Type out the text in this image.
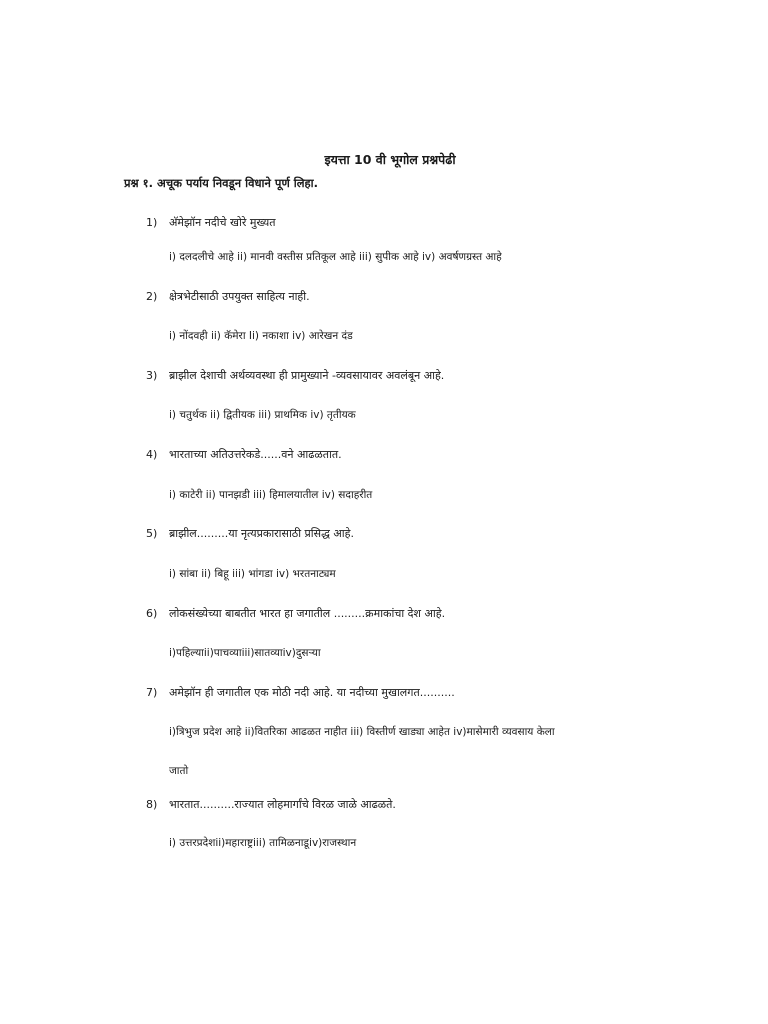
इयत्ता 10 वी भूगोल प्रश्नपेढी
प्रश्न १. अचूक पर्याय निवडून विधाने पूर्ण लिहा.
1) अ‍ॅमेझॉन नदीचे खोरे मुख्यत
i) दलदलीचे आहे ii) मानवी वस्तीस प्रतिकूल आहे iii) सुपीक आहे iv) अवर्षणग्रस्त आहे
2) क्षेत्रभेटीसाठी उपयुक्त साहित्य नाही.
i) नोंदवही ii) कॅमेरा Ii) नकाशा iv) आरेखन दंड
3) ब्राझील देशाची अर्थव्यवस्था ही प्रामुख्याने -व्यवसायावर अवलंबून आहे.
i) चतुर्थक ii) द्वितीयक iii) प्राथमिक iv) तृतीयक
4) भारताच्या अतिउत्तरेकडे......वने आढळतात.
i) काटेरी ii) पानझडी iii) हिमालयातील iv) सदाहरीत
5) ब्राझील.........या नृत्यप्रकारासाठी प्रसिद्ध आहे.
i) सांबा ii) बिहू iii) भांगडा iv) भरतनाट्यम
6) लोकसंख्येच्या बाबतीत भारत हा जगातील .........क्रमाकांचा देश आहे.
i)पहिल्याii)पाचव्याiii)सातव्याiv)दुसऱ्या
7) अमेझॉन ही जगातील एक मोठी नदी आहे. या नदीच्या मुखालगत..........
i)त्रिभुज प्रदेश आहे ii)वितरिका आढळत नाहीत iii) विस्तीर्ण खाड्या आहेत iv)मासेमारी व्यवसाय केला
जातो
8) भारतात..........राज्यात लोहमार्गांचे विरळ जाळे आढळते.
i) उत्तरप्रदेशii)महाराष्ट्रiii) तामिळनाडूiv)राजस्थान
